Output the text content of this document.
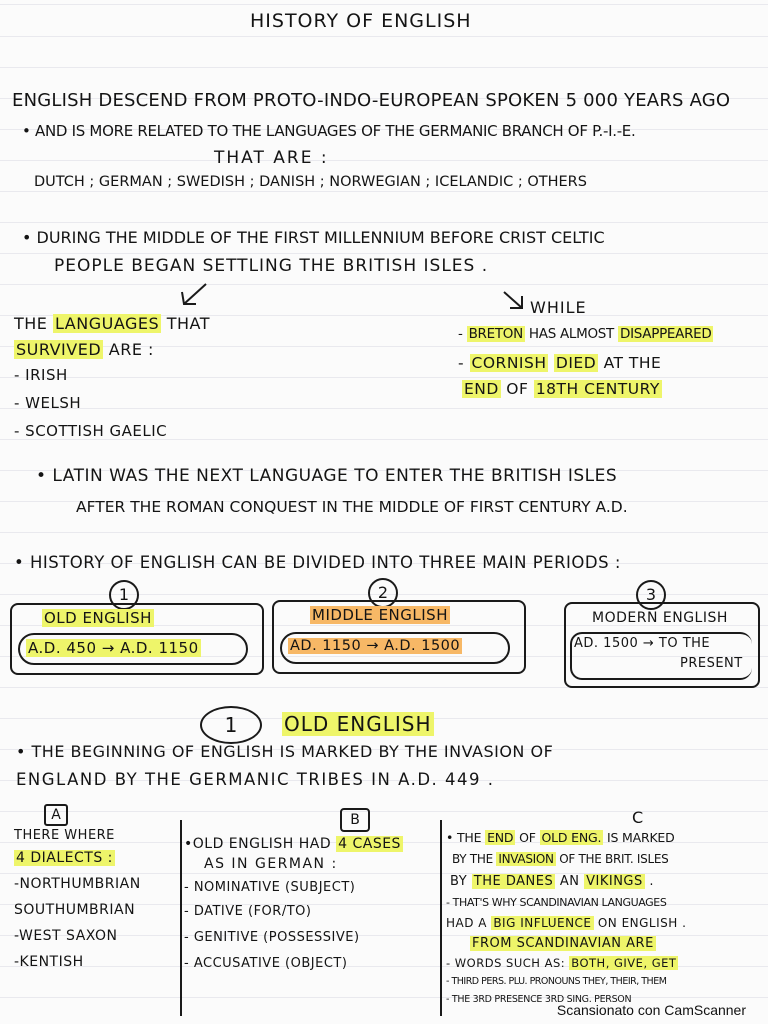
HISTORY OF ENGLISH
ENGLISH DESCEND FROM PROTO-INDO-EUROPEAN SPOKEN 5 000 YEARS AGO
• AND IS MORE RELATED TO THE LANGUAGES OF THE GERMANIC BRANCH OF P.-I.-E.
THAT ARE :
DUTCH ; GERMAN ; SWEDISH ; DANISH ; NORWEGIAN ; ICELANDIC ; OTHERS
• DURING THE MIDDLE OF THE FIRST MILLENNIUM BEFORE CRIST CELTIC
PEOPLE BEGAN SETTLING THE BRITISH ISLES .
THE LANGUAGES THAT
SURVIVED ARE :
- IRISH
- WELSH
- SCOTTISH GAELIC
WHILE
- BRETON HAS ALMOST DISAPPEARED
- CORNISH DIED AT THE
END OF 18TH CENTURY
• LATIN WAS THE NEXT LANGUAGE TO ENTER THE BRITISH ISLES
AFTER THE ROMAN CONQUEST IN THE MIDDLE OF FIRST CENTURY A.D.
• HISTORY OF ENGLISH CAN BE DIVIDED INTO THREE MAIN PERIODS :
1	2	3
OLD ENGLISH
A.D. 450 → A.D. 1150
MIDDLE ENGLISH
AD. 1150 → A.D. 1500
MODERN ENGLISH
AD. 1500 → TO THE
PRESENT
1	OLD ENGLISH
• THE BEGINNING OF ENGLISH IS MARKED BY THE INVASION OF
ENGLAND BY THE GERMANIC TRIBES IN A.D. 449 .
A
THERE WHERE
4 DIALECTS :
-NORTHUMBRIAN
SOUTHUMBRIAN
-WEST SAXON
-KENTISH
B
•OLD ENGLISH HAD 4 CASES
AS IN GERMAN :
- NOMINATIVE (SUBJECT)
- DATIVE (FOR/TO)
- GENITIVE (POSSESSIVE)
- ACCUSATIVE (OBJECT)
C
• THE END OF OLD ENG. IS MARKED
BY THE INVASION OF THE BRIT. ISLES
BY THE DANES AN VIKINGS .
- THAT'S WHY SCANDINAVIAN LANGUAGES
HAD A BIG INFLUENCE ON ENGLISH .
FROM SCANDINAVIAN ARE
- WORDS SUCH AS: BOTH, GIVE, GET
- THIRD PERS. PLU. PRONOUNS THEY, THEIR, THEM
- THE 3RD PRESENCE 3RD SING. PERSON
Scansionato con CamScanner
